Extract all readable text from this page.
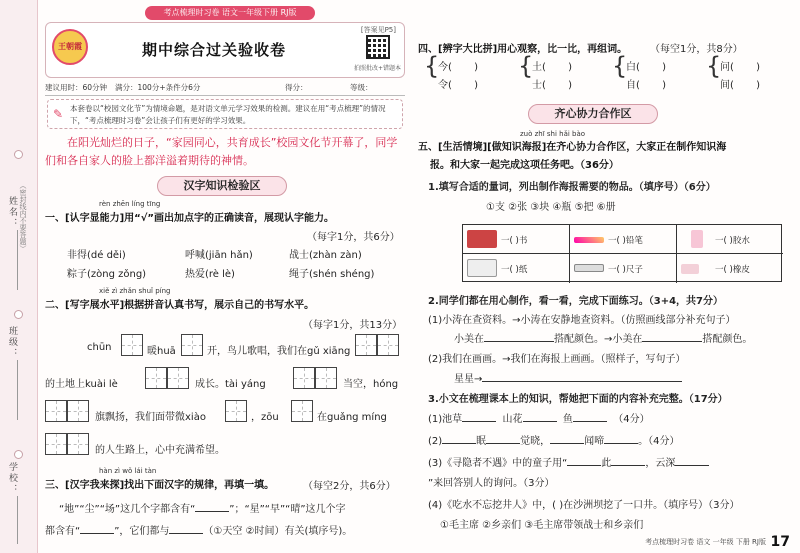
姓名： （密封线内不要答题）
班级：
学校：
考点梳理时习卷 语文一年级下册 RJ版
王朝霞	期中综合过关验收卷
[答案见P5]
拍照批改+错题本
建议用时：60分钟 满分：100分+条件分6分	得分：	等级：
✎ 本套卷以“校园文化节”为情境命题，是对语文单元学习效果的检测。建议在用“考点梳理”的情况下，“考点梳理时习卷”会让孩子们有更好的学习效果。
在阳光灿烂的日子，“家园同心，共育成长”校园文化节开幕了，同学们和各自家人的脸上都洋溢着期待的神情。
汉字知识检验区
rèn zhēn líng tīng
一、[认字显能力]用“√”画出加点字的正确读音，展现认字能力。
（每字1分，共6分）
非得(dé děi)	呼喊(jiān hǎn)	战士(zhàn zàn)
粽子(zòng zǒng)	热爱(rè lè)	绳子(shén shéng)
xiě zì zhǎn shuǐ píng
二、[写字展水平]根据拼音认真书写，展示自己的书写水平。
（每字1分，共13分）
chūn	暖huā	开，鸟儿歌唱，我们在gǔ xiāng
的土地上kuài lè	成长。tài yáng	当空，hóng
旗飘扬，我们面带微xiào	，zōu	在guǎng míng
的人生路上，心中充满希望。
hàn zì wǒ lái tàn
三、[汉字我来探]找出下面汉字的规律，再填一填。	（每空2分，共6分）
“地”“尘”“场”这几个字都含有“	”；“星”“早”“晴”这几个字
都含有“	”，它们都与	（①天空 ②时间）有关(填序号)。
四、[辨字大比拼]用心观察，比一比，再组词。 （每空1分，共8分）
{
今( )
令( )
{
土( )
士( )
{
白( )
自( )
{
问( )
间( )
齐心协力合作区
zuò zhī shi hǎi bào
五、[生活情境][做知识海报]在齐心协力合作区，大家正在制作知识海
报。和大家一起完成这项任务吧。（36分）
1.填写合适的量词，列出制作海报需要的物品。（填序号）（6分）
①支 ②张 ③块 ④瓶 ⑤把 ⑥册
一( )书	一( )铅笔	一( )胶水
一( )纸	一( )尺子	一( )橡皮
2.同学们都在用心制作，看一看，完成下面练习。（3+4，共7分）
(1)小涛在查资料。→小涛在安静地查资料。（仿照画线部分补充句子）
小美在	搭配颜色。→小美在	搭配颜色。
(2)我们在画画。→我们在海报上画画。（照样子，写句子）
星星→
3.小文在梳理课本上的知识，帮她把下面的内容补充完整。（17分）
(1)池草	山花	鱼	（4分）
(2)	眠	觉晓，	闻啼	。（4分）
(3)《寻隐者不遇》中的童子用“	此	，云深
”来回答别人的询问。（3分）
(4)《吃水不忘挖井人》中，( )在沙洲坝挖了一口井。（填序号）（3分）
①毛主席 ②乡亲们 ③毛主席带领战士和乡亲们
考点梳理时习卷 语文 一年级 下册 RJ版 17
